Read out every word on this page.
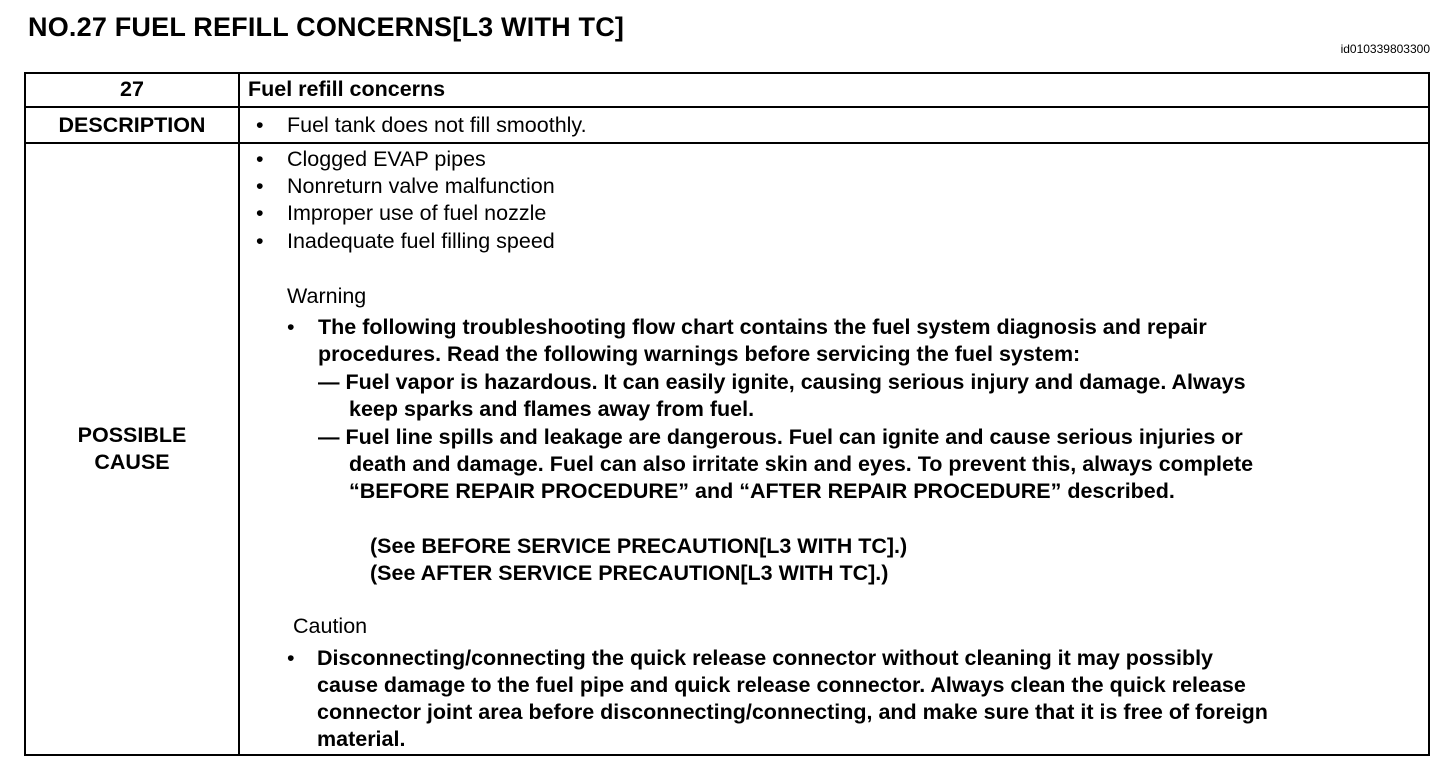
NO.27 FUEL REFILL CONCERNS[L3 WITH TC]
id010339803300
27	Fuel refill concerns
DESCRIPTION	• Fuel tank does not fill smoothly.
POSSIBLE
CAUSE
• Clogged EVAP pipes
• Nonreturn valve malfunction
• Improper use of fuel nozzle
• Inadequate fuel filling speed
Warning
• The following troubleshooting flow chart contains the fuel system diagnosis and repair
procedures. Read the following warnings before servicing the fuel system:
— Fuel vapor is hazardous. It can easily ignite, causing serious injury and damage. Always
keep sparks and flames away from fuel.
— Fuel line spills and leakage are dangerous. Fuel can ignite and cause serious injuries or
death and damage. Fuel can also irritate skin and eyes. To prevent this, always complete
“BEFORE REPAIR PROCEDURE” and “AFTER REPAIR PROCEDURE” described.
(See BEFORE SERVICE PRECAUTION[L3 WITH TC].)
(See AFTER SERVICE PRECAUTION[L3 WITH TC].)
Caution
• Disconnecting/connecting the quick release connector without cleaning it may possibly
cause damage to the fuel pipe and quick release connector. Always clean the quick release
connector joint area before disconnecting/connecting, and make sure that it is free of foreign
material.
